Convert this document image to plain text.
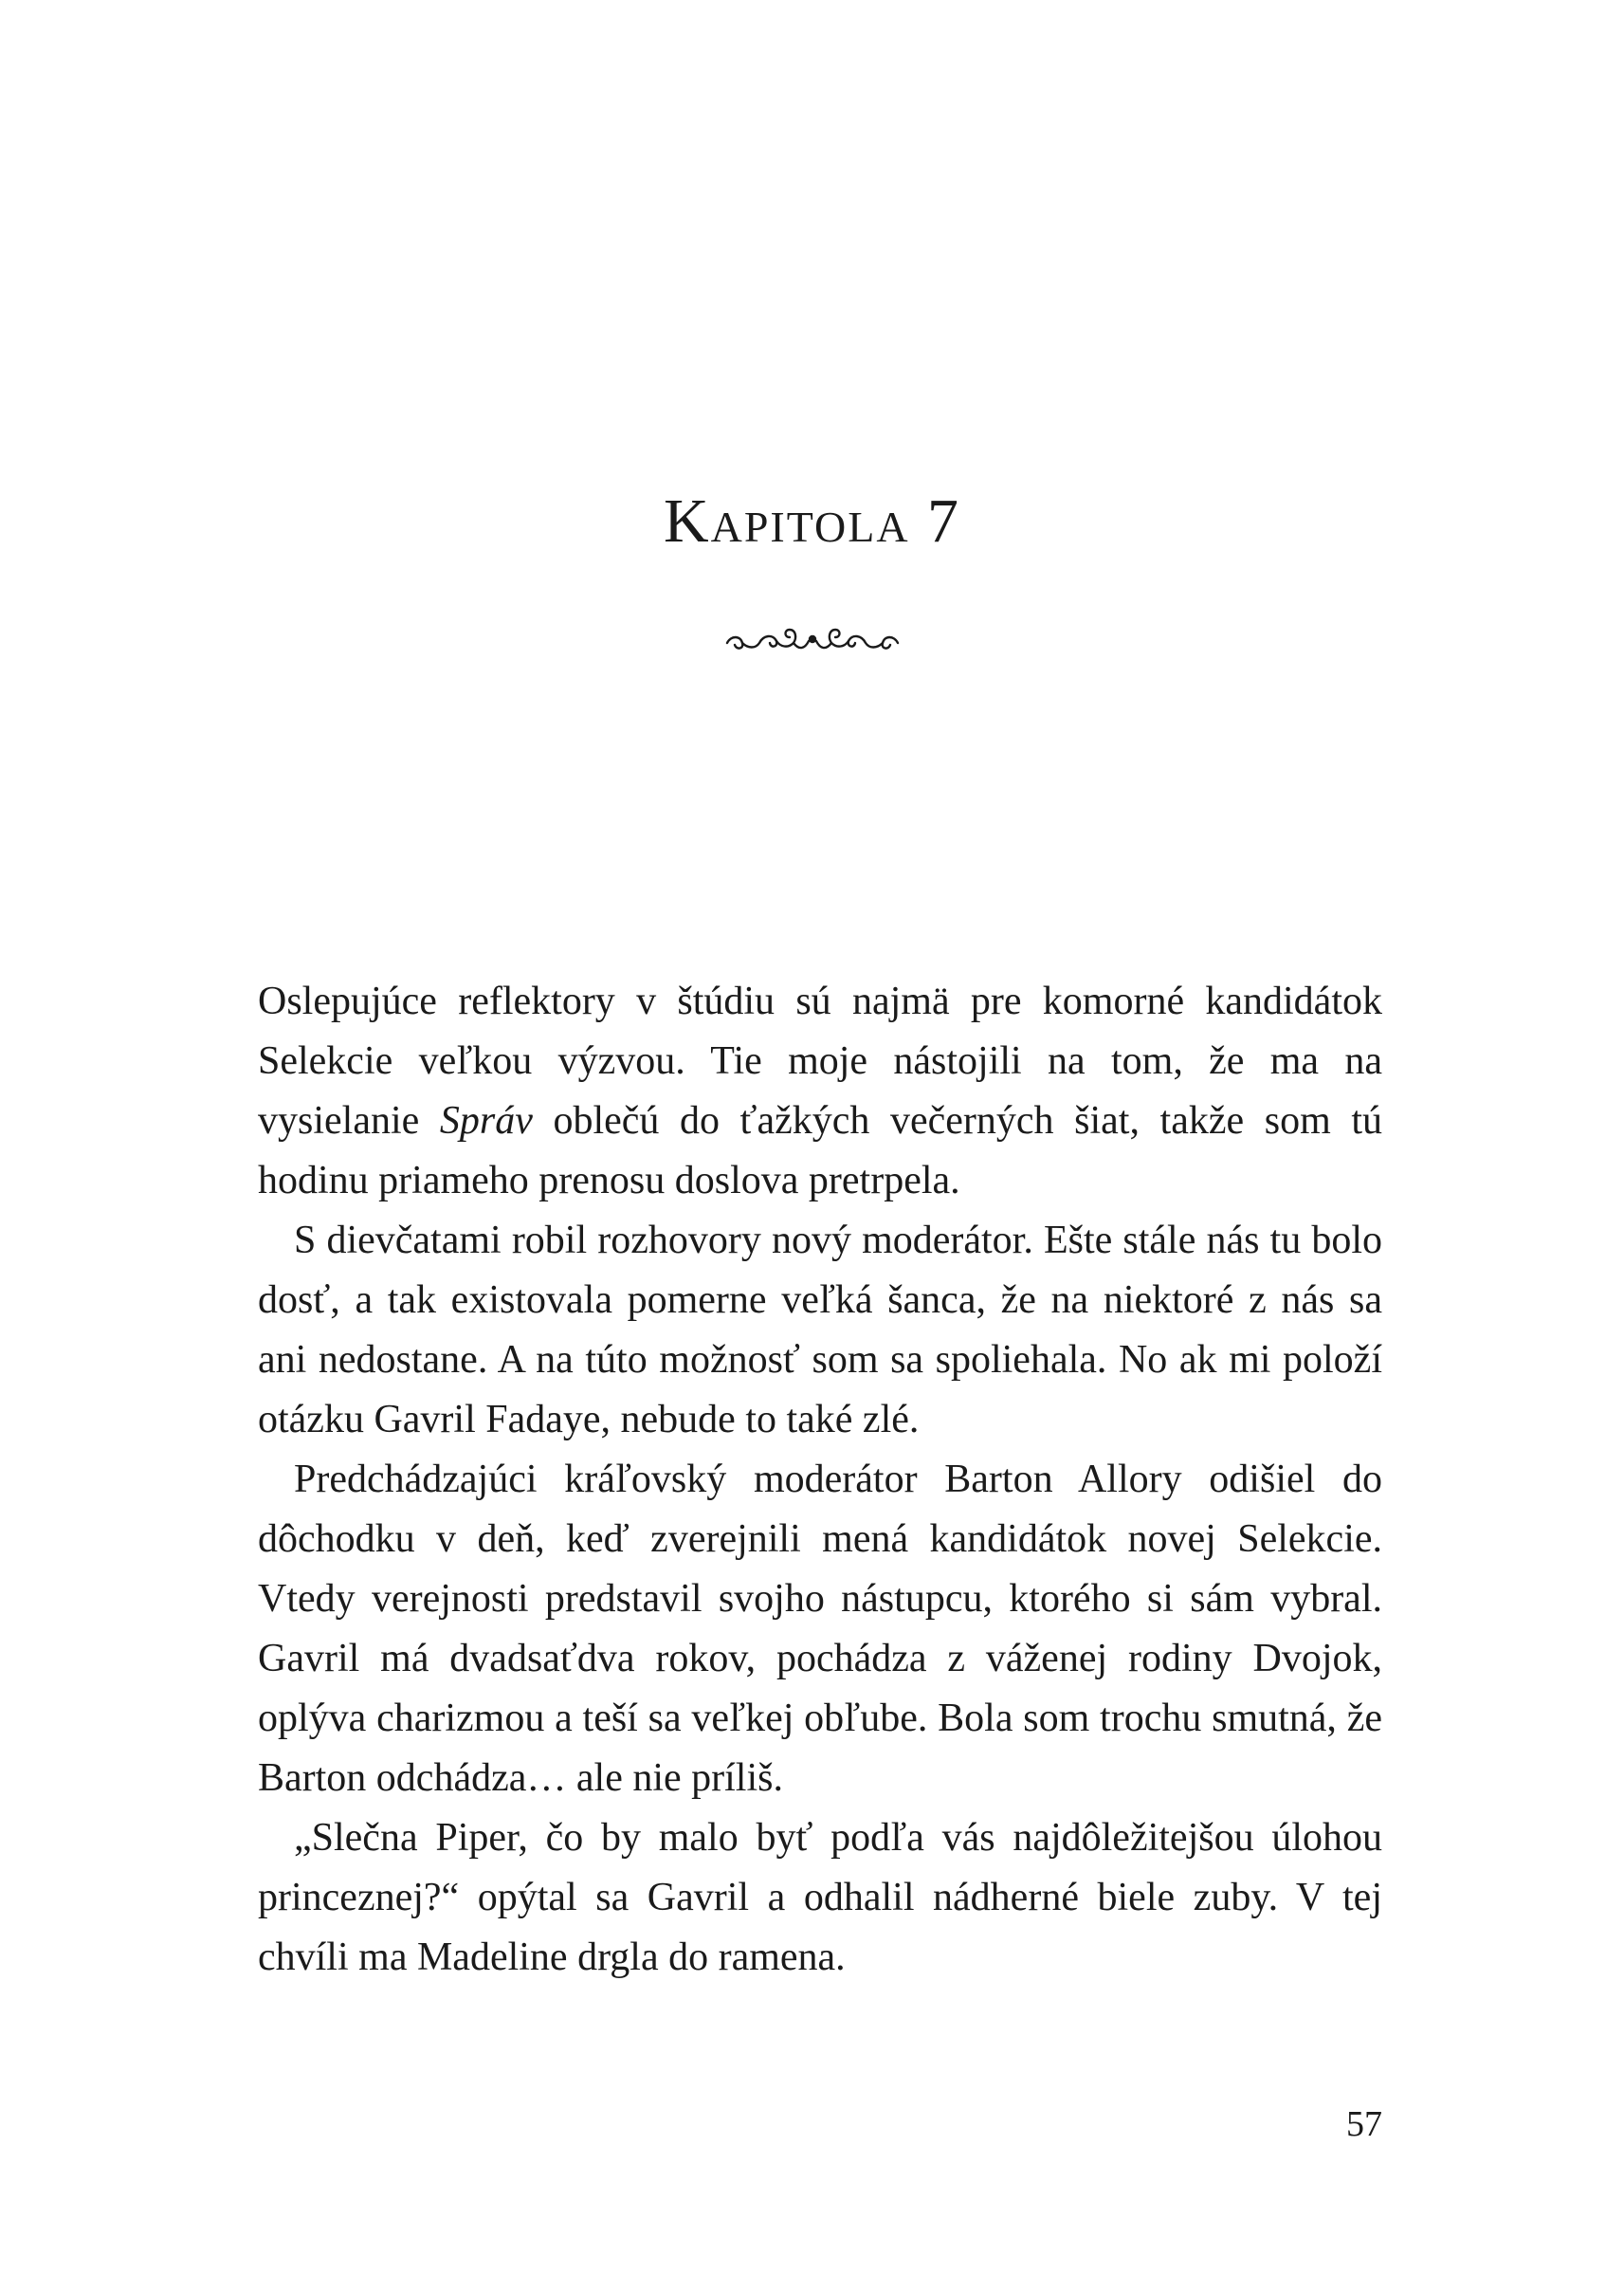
Kapitola 7

Oslepujúce reflektory v štúdiu sú najmä pre komorné kandidátok Selekcie veľkou výzvou. Tie moje nástojili na tom, že ma na vysielanie Správ oblečú do ťažkých večerných šiat, takže som tú hodinu priameho prenosu doslova pretrpela.

S dievčatami robil rozhovory nový moderátor. Ešte stále nás tu bolo dosť, a tak existovala pomerne veľká šanca, že na niektoré z nás sa ani nedostane. A na túto možnosť som sa spoliehala. No ak mi položí otázku Gavril Fadaye, nebude to také zlé.

Predchádzajúci kráľovský moderátor Barton Allory odišiel do dôchodku v deň, keď zverejnili mená kandidátok novej Selekcie. Vtedy verejnosti predstavil svojho nástupcu, ktorého si sám vybral. Gavril má dvadsaťdva rokov, pochádza z váženej rodiny Dvojok, oplýva charizmou a teší sa veľkej obľube. Bola som trochu smutná, že Barton odchádza… ale nie príliš.

„Slečna Piper, čo by malo byť podľa vás najdôležitejšou úlohou princeznej?“ opýtal sa Gavril a odhalil nádherné biele zuby. V tej chvíli ma Madeline drgla do ramena.

57
